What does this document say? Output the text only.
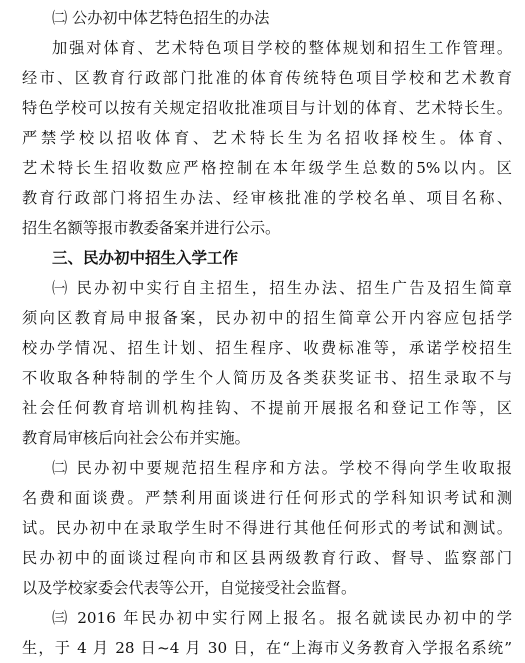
㈡ 公办初中体艺特色招生的办法
加强对体育、艺术特色项目学校的整体规划和招生工作管理。
经市、区教育行政部门批准的体育传统特色项目学校和艺术教育
特色学校可以按有关规定招收批准项目与计划的体育、艺术特长生。
严禁学校以招收体育、艺术特长生为名招收择校生。体育、
艺术特长生招收数应严格控制在本年级学生总数的5%以内。区
教育行政部门将招生办法、经审核批准的学校名单、项目名称、
招生名额等报市教委备案并进行公示。
三、民办初中招生入学工作
㈠ 民办初中实行自主招生，招生办法、招生广告及招生简章
须向区教育局申报备案，民办初中的招生简章公开内容应包括学
校办学情况、招生计划、招生程序、收费标准等，承诺学校招生
不收取各种特制的学生个人简历及各类获奖证书、招生录取不与
社会任何教育培训机构挂钩、不提前开展报名和登记工作等，区
教育局审核后向社会公布并实施。
㈡ 民办初中要规范招生程序和方法。学校不得向学生收取报
名费和面谈费。严禁利用面谈进行任何形式的学科知识考试和测
试。民办初中在录取学生时不得进行其他任何形式的考试和测试。
民办初中的面谈过程向市和区县两级教育行政、督导、监察部门
以及学校家委会代表等公开，自觉接受社会监督。
㈢ 2016 年民办初中实行网上报名。报名就读民办初中的学
生，于 4 月 28 日~4 月 30 日，在“上海市义务教育入学报名系统”
